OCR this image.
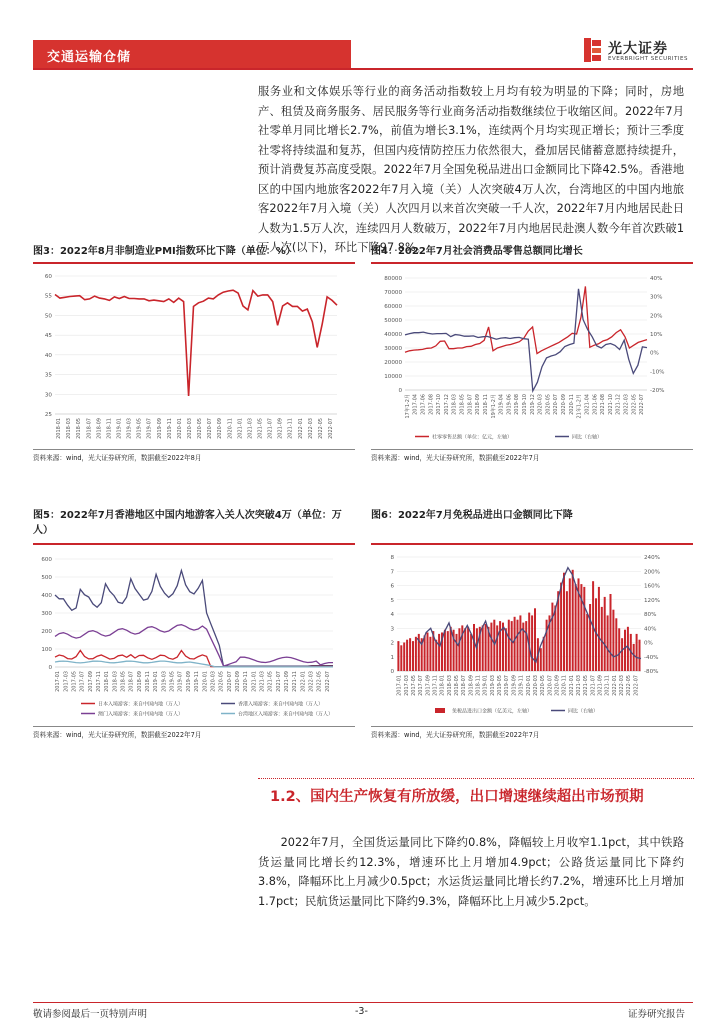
交通运输仓储
光大证券
EVERBRIGHT SECURITIES
服务业和文体娱乐等行业的商务活动指数较上月均有较为明显的下降；同时，房地产、租赁及商务服务、居民服务等行业商务活动指数继续位于收缩区间。2022年7月社零单月同比增长2.7%，前值为增长3.1%，连续两个月均实现正增长；预计三季度社零将持续温和复苏，但国内疫情防控压力依然很大，叠加居民储蓄意愿持续提升，预计消费复苏高度受限。2022年7月全国免税品进出口金额同比下降42.5%。香港地区的中国内地旅客2022年7月入境（关）人次突破4万人次，台湾地区的中国内地旅客2022年7月入境（关）人次四月以来首次突破一千人次，2022年7月内地居民赴日人数为1.5万人次，连续四月人数破万，2022年7月内地居民赴澳人数今年首次跌破1万人次(以下)，环比下降97.8%。
图3：2022年8月非制造业PMI指数环比下降（单位：%）
25
30
35
40
45
50
55
60
2018-01 2018-03 2018-05 2018-07 2018-09 2018-11 2019-01 2019-03 2019-05 2019-07 2019-09 2019-11 2020-01 2020-03 2020-05 2020-07 2020-09 2020-11 2021-01 2021-03 2021-05 2021-07 2021-09 2021-11 2022-01 2022-03 2022-05 2022-07
资料来源：wind，光大证券研究所，数据截至2022年8月
图4：2022年7月社会消费品零售总额同比增长
0
10000
20000
30000
40000
50000
60000
70000
80000
-20%
-10%
0%
10%
20%
30%
40%
17年1-2月 2017-04 2017-06 2017-08 2017-10 2017-12 2018-03 2018-05 2018-07 2018-09 2018-11 19年1-2月 2019-04 2019-06 2019-08 2019-10 2019-12 2020-03 2020-05 2020-07 2020-09 2020-11 21年1-2月 2021-04 2021-06 2021-08 2021-10 2021-12 2022-03 2022-05 2022-07
社零零售总额（单位：亿元，左轴）	同比（右轴）
资料来源：wind，光大证券研究所，数据截至2022年7月
图5：2022年7月香港地区中国内地游客入关人次突破4万（单位：万人）
0
100
200
300
400
500
600
2017-01 2017-03 2017-05 2017-07 2017-09 2017-11 2018-01 2018-03 2018-05 2018-07 2018-09 2018-11 2019-01 2019-03 2019-05 2019-07 2019-09 2019-11 2020-01 2020-03 2020-05 2020-07 2020-09 2020-11 2021-01 2021-03 2021-05 2021-07 2021-09 2021-11 2022-01 2022-03 2022-05 2022-07
日本入境游客：来自中国内地（万人）	香港入境游客：来自中国内地（万人）
澳门入境游客：来自中国内地（万人）	台湾地区入境游客：来自中国内地（万人）
资料来源：wind，光大证券研究所，数据截至2022年7月
图6：2022年7月免税品进出口金额同比下降
0
1
2
3
4
5
6
7
8
-80%
-40%
0%
40%
80%
120%
160%
200%
240%
2017-01 2017-03 2017-05 2017-07 2017-09 2017-11 2018-01 2018-03 2018-05 2018-07 2018-09 2018-11 2019-01 2019-03 2019-05 2019-07 2019-09 2019-11 2020-01 2020-03 2020-05 2020-07 2020-09 2020-11 2021-01 2021-03 2021-05 2021-07 2021-09 2021-11 2022-01 2022-03 2022-05 2022-07
免税品进出口金额（亿美元，左轴）	同比（右轴）
资料来源：wind，光大证券研究所，数据截至2022年7月
1.2、国内生产恢复有所放缓，出口增速继续超出市场预期
2022年7月，全国货运量同比下降约0.8%，降幅较上月收窄1.1pct，其中铁路货运量同比增长约12.3%，增速环比上月增加4.9pct；公路货运量同比下降约3.8%，降幅环比上月减少0.5pct；水运货运量同比增长约7.2%，增速环比上月增加1.7pct；民航货运量同比下降约9.3%，降幅环比上月减少5.2pct。
敬请参阅最后一页特别声明	-3-	证券研究报告
